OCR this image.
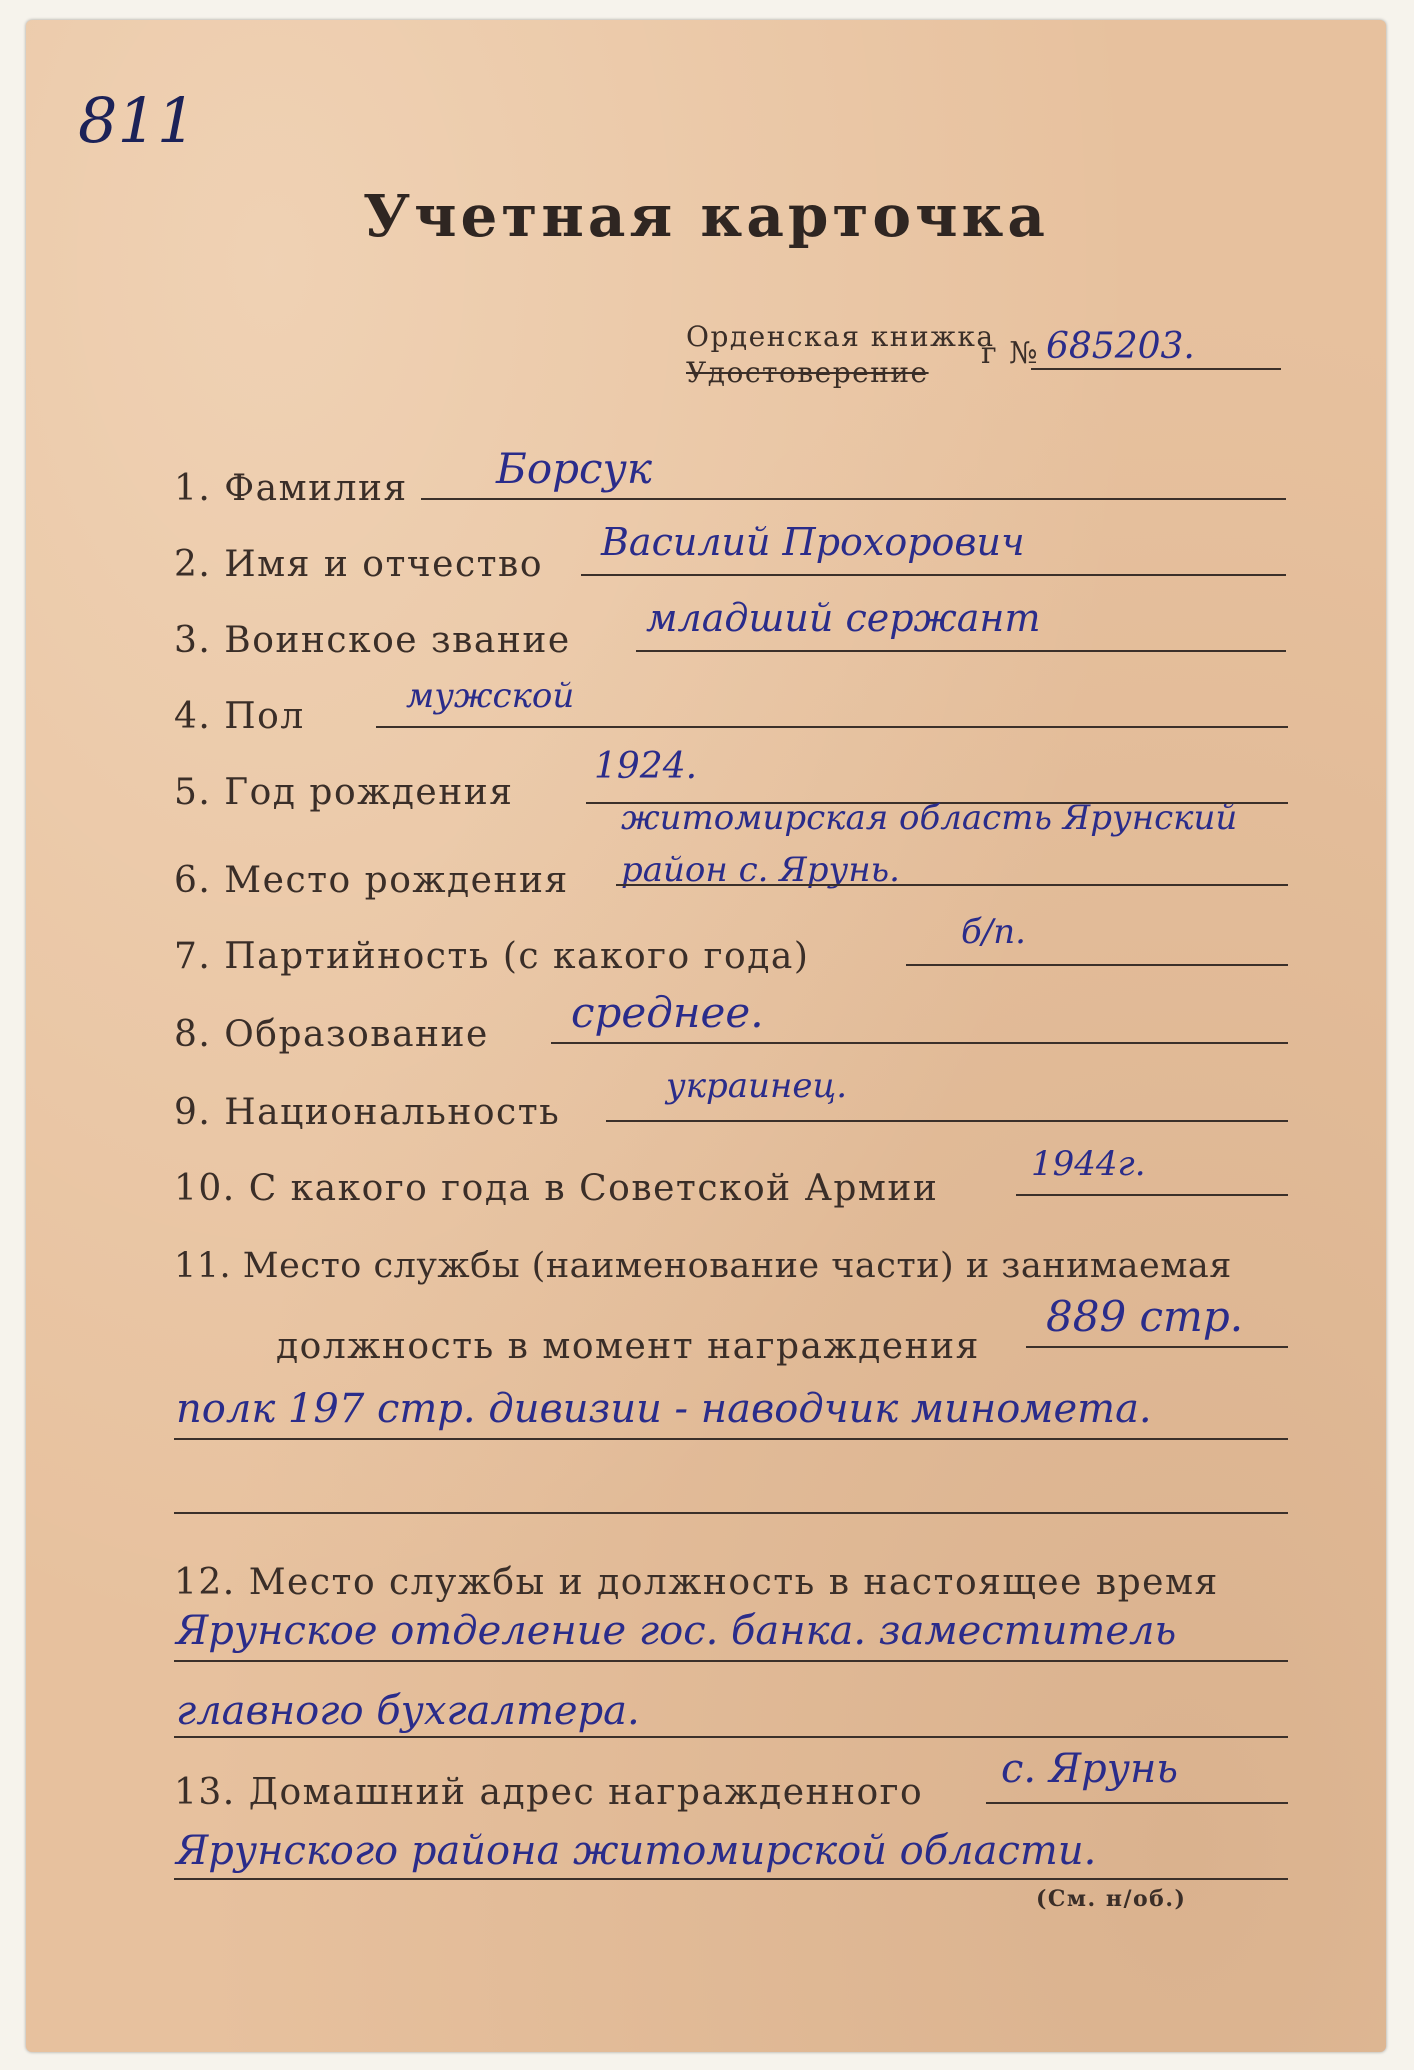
811
Учетная карточка
Орденская книжка
Удостоверение
г № 685203.
1. Фамилия Борсук
2. Имя и отчество
Василий Прохорович
3. Воинское звание
младший сержант
4. Пол	мужской
5. Год рождения
1924.
житомирская область Ярунский
6. Место рождения район с. Ярунь.
7. Партийность (с какого года)
б/п.
8. Образование среднее.
9. Национальность
украинец.
10. С какого года в Советской Армии
1944г.
11. Место службы (наименование части) и занимаемая
должность в момент награждения
889 стр.
полк 197 стр. дивизии - наводчик миномета.
12. Место службы и должность в настоящее время
Ярунское отделение гос. банка. заместитель
главного бухгалтера.
13. Домашний адрес награжденного
с. Ярунь
Ярунского района житомирской области.
(См. н/об.)
